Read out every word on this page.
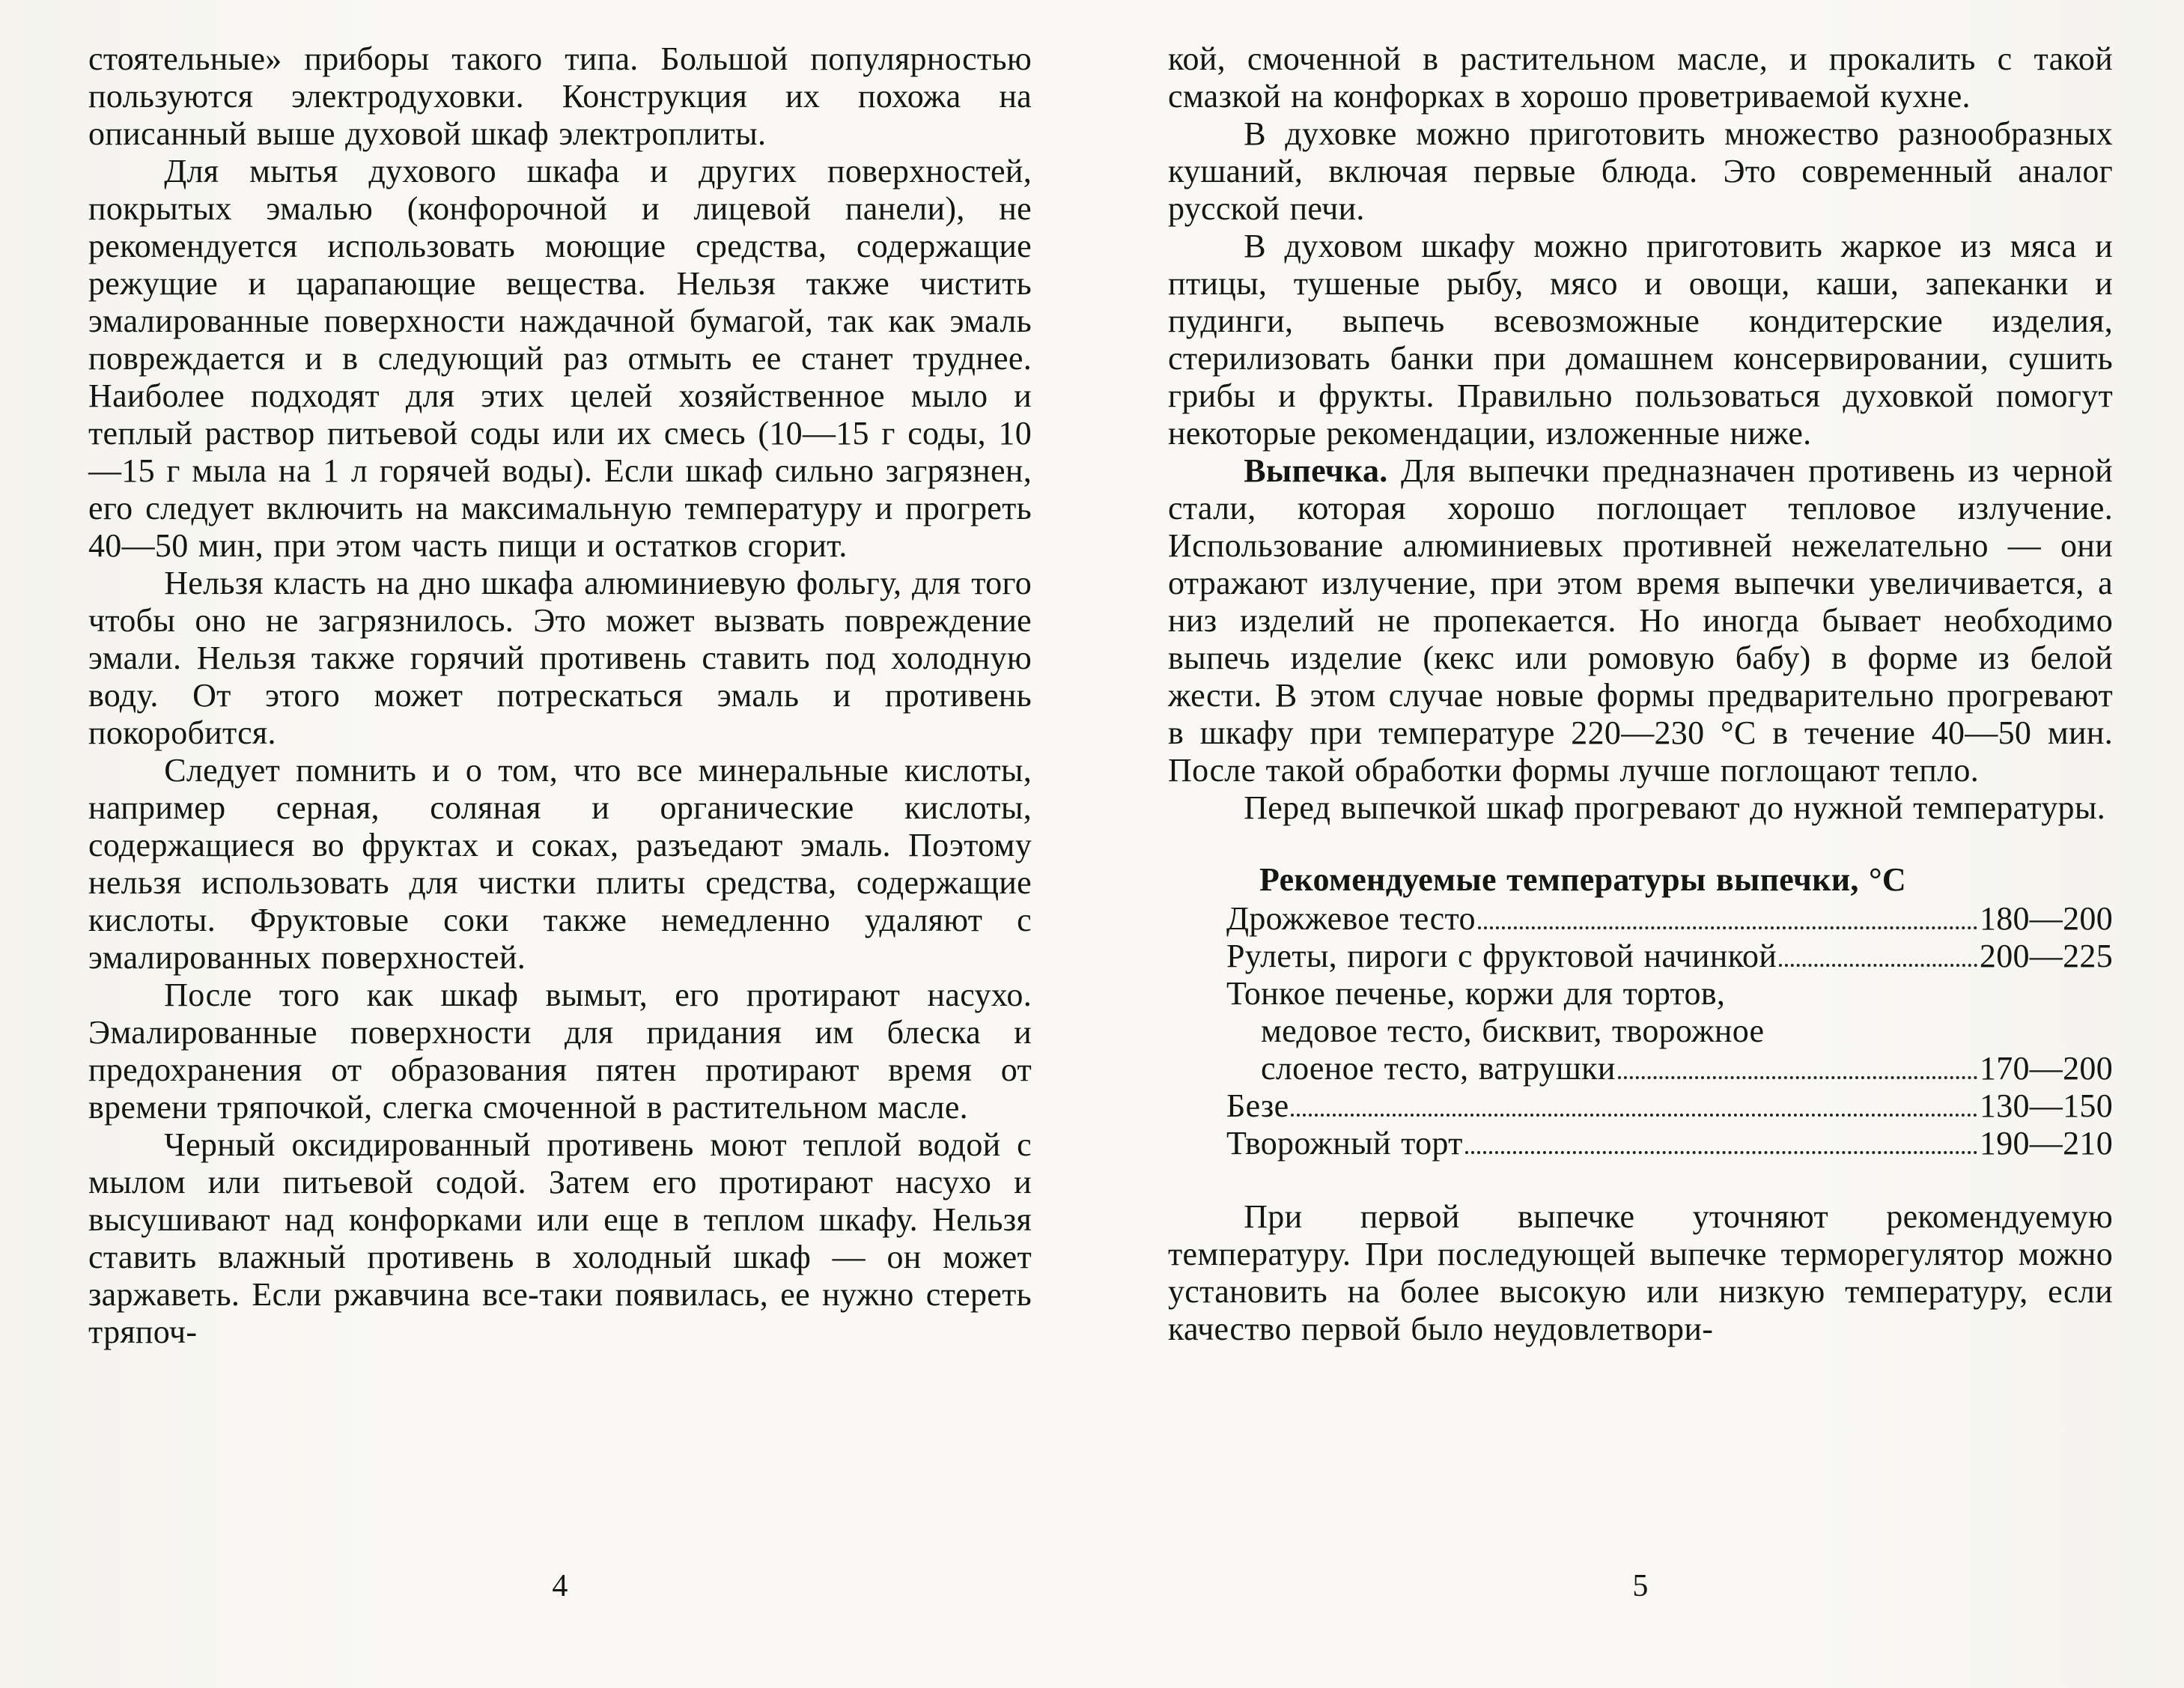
стоятельные» приборы такого типа. Большой популярностью пользуются электродуховки. Конструкция их похожа на описанный выше духовой шкаф электроплиты.

Для мытья духового шкафа и других поверхностей, покрытых эмалью (конфорочной и лицевой панели), не рекомендуется использовать моющие средства, содержащие режущие и царапающие вещества. Нельзя также чистить эмалированные поверхности наждачной бумагой, так как эмаль повреждается и в следующий раз отмыть ее станет труднее. Наиболее подходят для этих целей хозяйственное мыло и теплый раствор питьевой соды или их смесь (10—15 г соды, 10—15 г мыла на 1 л горячей воды). Если шкаф сильно загрязнен, его следует включить на максимальную температуру и прогреть 40—50 мин, при этом часть пищи и остатков сгорит.

Нельзя класть на дно шкафа алюминиевую фольгу, для того чтобы оно не загрязнилось. Это может вызвать повреждение эмали. Нельзя также горячий противень ставить под холодную воду. От этого может потрескаться эмаль и противень покоробится.

Следует помнить и о том, что все минеральные кислоты, например серная, соляная и органические кислоты, содержащиеся во фруктах и соках, разъедают эмаль. Поэтому нельзя использовать для чистки плиты средства, содержащие кислоты. Фруктовые соки также немедленно удаляют с эмалированных поверхностей.

После того как шкаф вымыт, его протирают насухо. Эмалированные поверхности для придания им блеска и предохранения от образования пятен протирают время от времени тряпочкой, слегка смоченной в растительном масле.

Черный оксидированный противень моют теплой водой с мылом или питьевой содой. Затем его протирают насухо и высушивают над конфорками или еще в теплом шкафу. Нельзя ставить влажный противень в холодный шкаф — он может заржаветь. Если ржавчина все-таки появилась, ее нужно стереть тряпоч-

кой, смоченной в растительном масле, и прокалить с такой смазкой на конфорках в хорошо проветриваемой кухне.

В духовке можно приготовить множество разнообразных кушаний, включая первые блюда. Это современный аналог русской печи.

В духовом шкафу можно приготовить жаркое из мяса и птицы, тушеные рыбу, мясо и овощи, каши, запеканки и пудинги, выпечь всевозможные кондитерские изделия, стерилизовать банки при домашнем консервировании, сушить грибы и фрукты. Правильно пользоваться духовкой помогут некоторые рекомендации, изложенные ниже.

Выпечка. Для выпечки предназначен противень из черной стали, которая хорошо поглощает тепловое излучение. Использование алюминиевых противней нежелательно — они отражают излучение, при этом время выпечки увеличивается, а низ изделий не пропекается. Но иногда бывает необходимо выпечь изделие (кекс или ромовую бабу) в форме из белой жести. В этом случае новые формы предварительно прогревают в шкафу при температуре 220—230 °С в течение 40—50 мин. После такой обработки формы лучше поглощают тепло.

Перед выпечкой шкаф прогревают до нужной температуры.

Рекомендуемые температуры выпечки, °С
Дрожжевое тесто	180—200
Рулеты, пироги с фруктовой начинкой	200—225
Тонкое печенье, коржи для тортов,
медовое тесто, бисквит, творожное
слоеное тесто, ватрушки	170—200
Безе	130—150
Творожный торт	190—210

При первой выпечке уточняют рекомендуемую температуру. При последующей выпечке терморегулятор можно установить на более высокую или низкую температуру, если качество первой было неудовлетвори-

4	5
